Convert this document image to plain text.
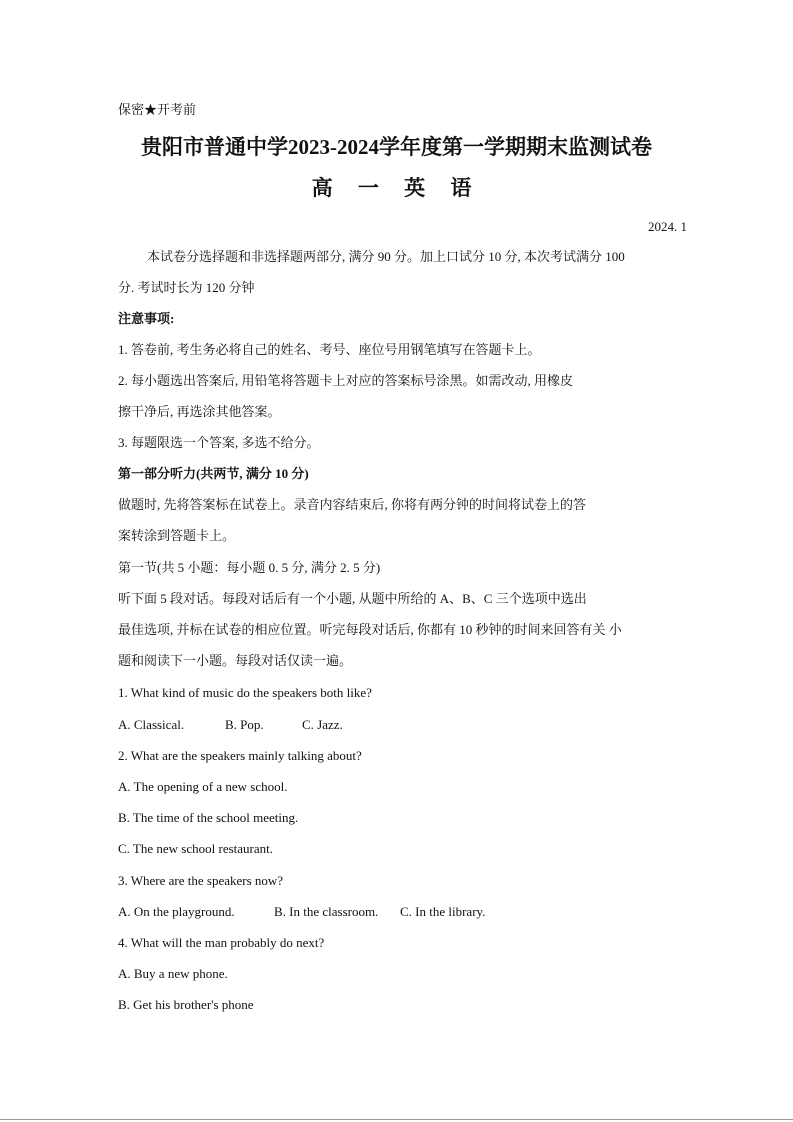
保密★开考前
贵阳市普通中学2023-2024学年度第一学期期末监测试卷
高 一 英 语
2024. 1
本试卷分选择题和非选择题两部分, 满分 90 分。加上口试分 10 分, 本次考试满分 100
分. 考试时长为 120 分钟
注意事项:
1. 答卷前, 考生务必将自己的姓名、考号、座位号用钢笔填写在答题卡上。
2. 每小题选出答案后, 用铅笔将答题卡上对应的答案标号涂黑。如需改动, 用橡皮
擦干净后, 再选涂其他答案。
3. 每题限选一个答案, 多选不给分。
第一部分听力(共两节, 满分 10 分)
做题时, 先将答案标在试卷上。录音内容结束后, 你将有两分钟的时间将试卷上的答
案转涂到答题卡上。
第一节(共 5 小题：每小题 0. 5 分, 满分 2. 5 分)
听下面 5 段对话。每段对话后有一个小题, 从题中所给的 A、B、C 三个选项中选出
最佳选项, 并标在试卷的相应位置。听完每段对话后, 你都有 10 秒钟的时间来回答有关 小
题和阅读下一小题。每段对话仅读一遍。
1. What kind of music do the speakers both like?
A. Classical.	B. Pop.	C. Jazz.
2. What are the speakers mainly talking about?
A. The opening of a new school.
B. The time of the school meeting.
C. The new school restaurant.
3. Where are the speakers now?
A. On the playground.	B. In the classroom. C. In the library.
4. What will the man probably do next?
A. Buy a new phone.
B. Get his brother's phone
